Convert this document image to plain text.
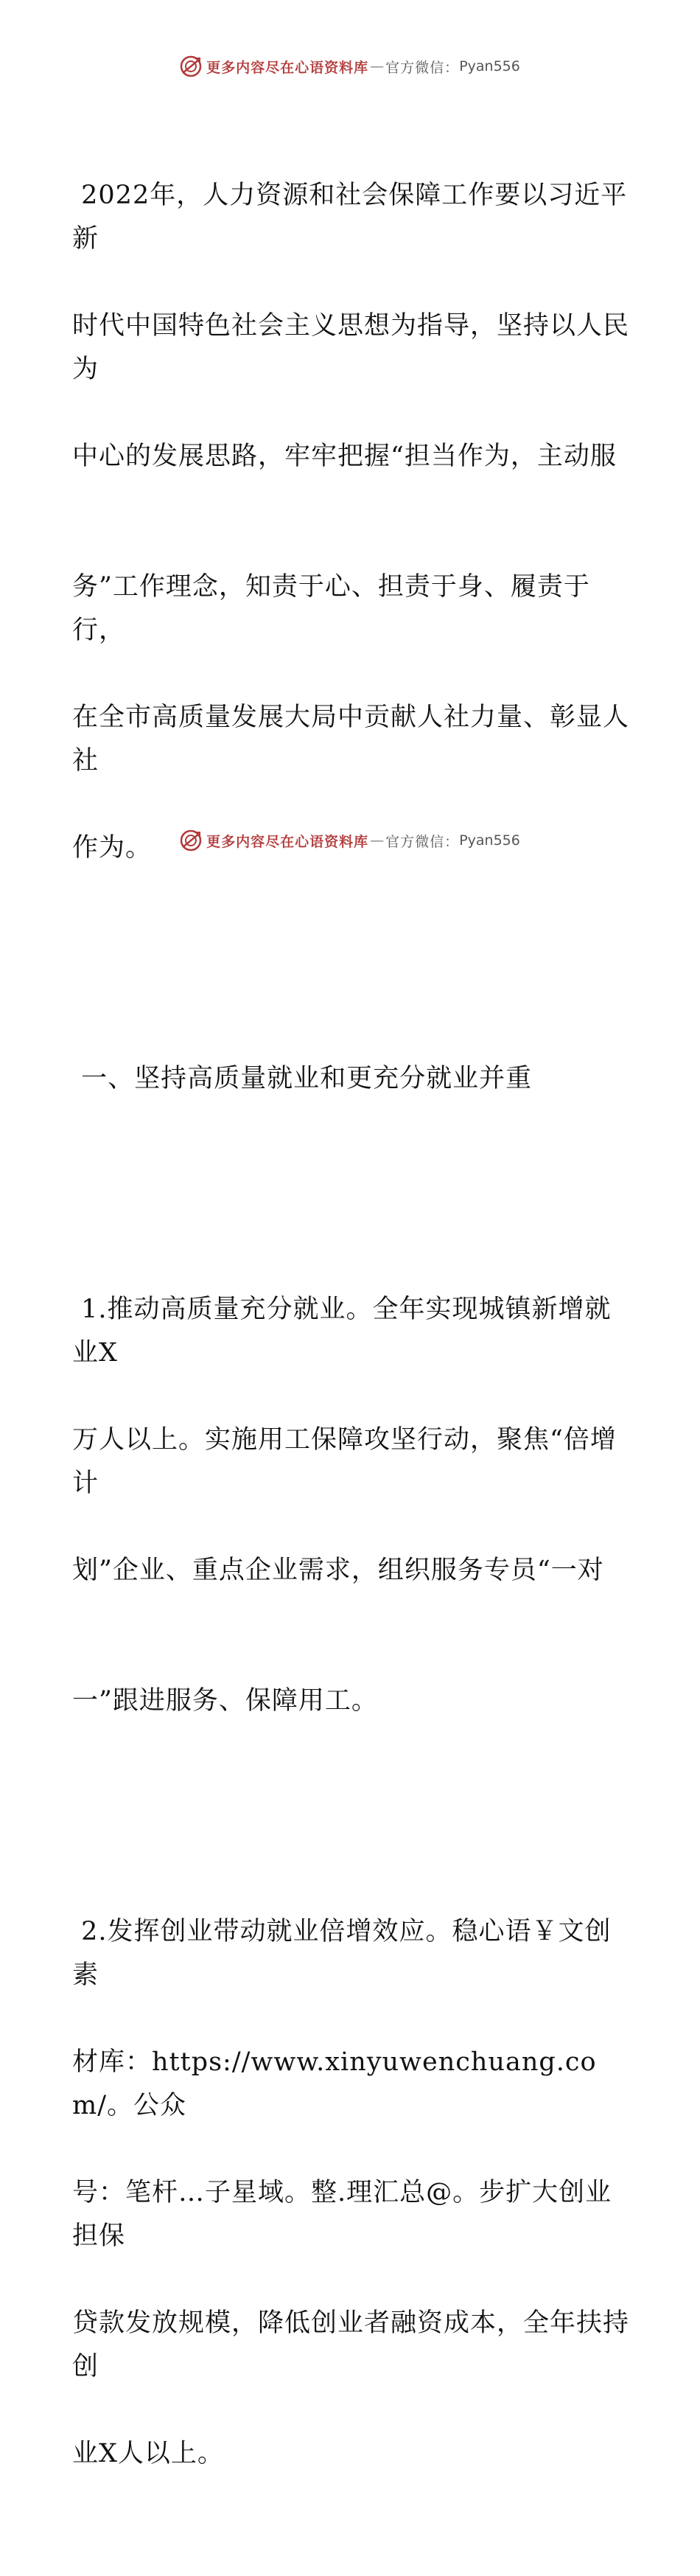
更多内容尽在心语资料库 — 官方微信： Pyan556

2022年，人力资源和社会保障工作要以习近平新

时代中国特色社会主义思想为指导，坚持以人民为

中心的发展思路，牢牢把握“担当作为，主动服

务”工作理念，知责于心、担责于身、履责于行，

在全市高质量发展大局中贡献人社力量、彰显人社

作为。

一、坚持高质量就业和更充分就业并重

1.推动高质量充分就业。全年实现城镇新增就业X

万人以上。实施用工保障攻坚行动，聚焦“倍增计

划”企业、重点企业需求，组织服务专员“一对

一”跟进服务、保障用工。

2.发挥创业带动就业倍增效应。稳心语￥文创素

材库：https://www.xinyuwenchuang.com/。公众

号：笔杆…子星域。整.理汇总@。步扩大创业担保

贷款发放规模，降低创业者融资成本，全年扶持创

业X人以上。

更多内容尽在心语资料库 — 官方微信： Pyan556
